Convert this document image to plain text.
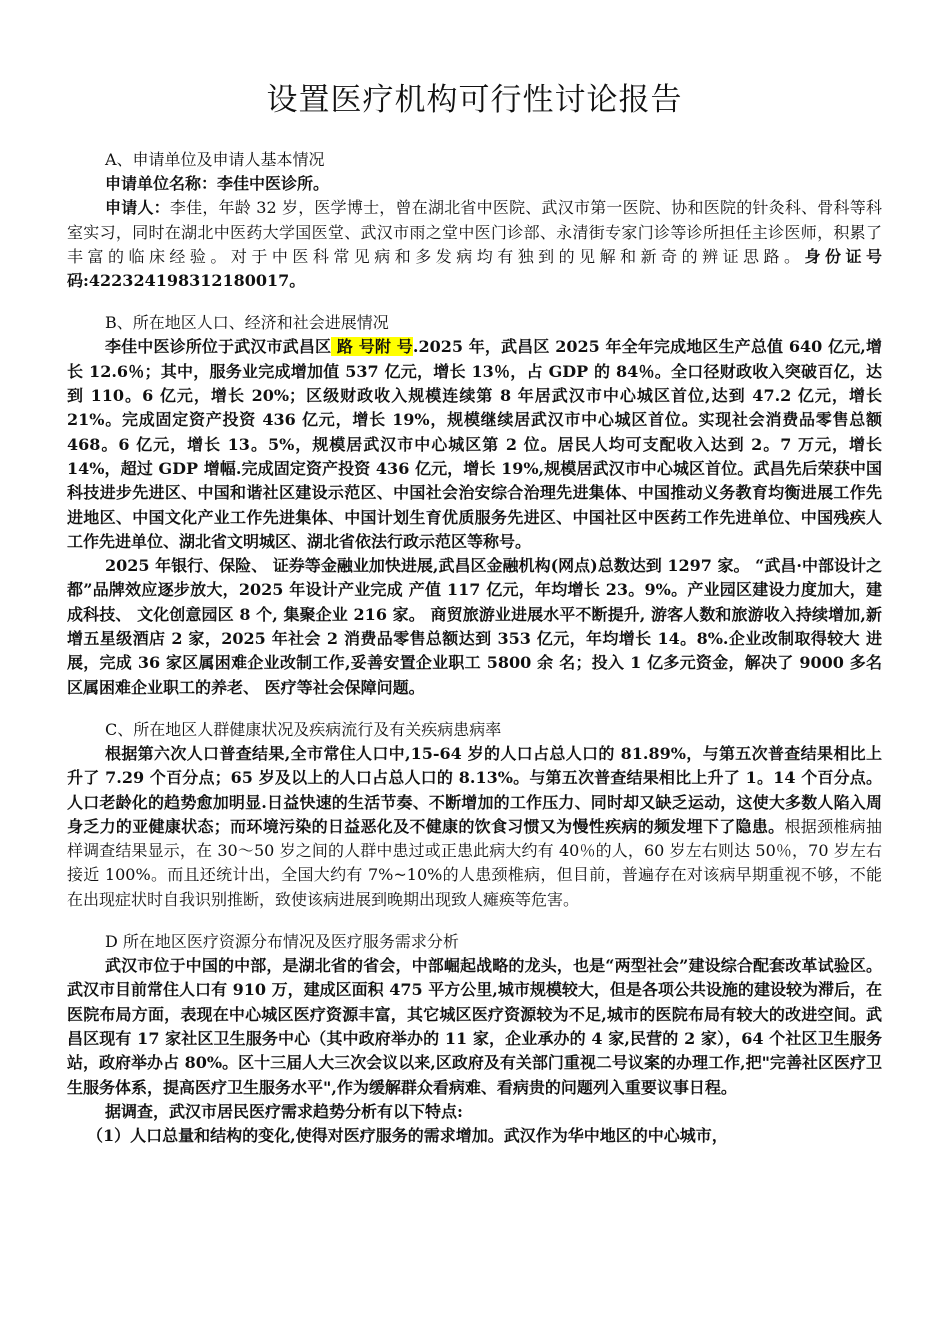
设置医疗机构可行性讨论报告
A、申请单位及申请人基本情况

申请单位名称：李佳中医诊所。

申请人：李佳，年龄 32 岁，医学博士，曾在湖北省中医院、武汉市第一医院、协和医院的针灸科、骨科等科室实习，同时在湖北中医药大学国医堂、武汉市雨之堂中医门诊部、永清街专家门诊等诊所担任主诊医师，积累了丰富的临床经验。对于中医科常见病和多发病均有独到的见解和新奇的辨证思路。身份证号码:422324198312180017。

B、所在地区人口、经济和社会进展情况

李佳中医诊所位于武汉市武昌区 路 号附 号.2025 年，武昌区 2025 年全年完成地区生产总值 640 亿元,增长 12.6％；其中，服务业完成增加值 537 亿元，增长 13％，占 GDP 的 84％。全口径财政收入突破百亿，达到 110。6 亿元，增长 20%；区级财政收入规模连续第 8 年居武汉市中心城区首位,达到 47.2 亿元，增长 21%。完成固定资产投资 436 亿元，增长 19%，规模继续居武汉市中心城区首位。实现社会消费品零售总额 468。6 亿元，增长 13。5%，规模居武汉市中心城区第 2 位。居民人均可支配收入达到 2。7 万元，增长 14%，超过 GDP 增幅.完成固定资产投资 436 亿元，增长 19%,规模居武汉市中心城区首位。武昌先后荣获中国科技进步先进区、中国和谐社区建设示范区、中国社会治安综合治理先进集体、中国推动义务教育均衡进展工作先进地区、中国文化产业工作先进集体、中国计划生育优质服务先进区、中国社区中医药工作先进单位、中国残疾人工作先进单位、湖北省文明城区、湖北省依法行政示范区等称号。

2025 年银行、保险、 证券等金融业加快进展,武昌区金融机构(网点)总数达到 1297 家。 “武昌·中部设计之都”品牌效应逐步放大，2025 年设计产业完成 产值 117 亿元，年均增长 23。9%。产业园区建设力度加大，建成科技、 文化创意园区 8 个, 集聚企业 216 家。 商贸旅游业进展水平不断提升, 游客人数和旅游收入持续增加,新增五星级酒店 2 家，2025 年社会 2 消费品零售总额达到 353 亿元，年均增长 14。8%.企业改制取得较大 进展，完成 36 家区属困难企业改制工作,妥善安置企业职工 5800 余 名；投入 1 亿多元资金，解决了 9000 多名区属困难企业职工的养老、 医疗等社会保障问题。

C、所在地区人群健康状况及疾病流行及有关疾病患病率

根据第六次人口普查结果,全市常住人口中,15-64 岁的人口占总人口的 81.89%，与第五次普查结果相比上升了 7.29 个百分点；65 岁及以上的人口占总人口的 8.13%。与第五次普查结果相比上升了 1。14 个百分点。人口老龄化的趋势愈加明显.日益快速的生活节奏、不断增加的工作压力、同时却又缺乏运动，这使大多数人陷入周身乏力的亚健康状态；而环境污染的日益恶化及不健康的饮食习惯又为慢性疾病的频发埋下了隐患。根据颈椎病抽样调查结果显示，在 30～50 岁之间的人群中患过或正患此病大约有 40％的人，60 岁左右则达 50％，70 岁左右接近 100%。而且还统计出，全国大约有 7%~10%的人患颈椎病，但目前，普遍存在对该病早期重视不够，不能在出现症状时自我识别推断，致使该病进展到晚期出现致人瘫痪等危害。

D 所在地区医疗资源分布情况及医疗服务需求分析

武汉市位于中国的中部，是湖北省的省会，中部崛起战略的龙头，也是“两型社会”建设综合配套改革试验区。武汉市目前常住人口有 910 万，建成区面积 475 平方公里,城市规模较大，但是各项公共设施的建设较为滞后，在医院布局方面，表现在中心城区医疗资源丰富，其它城区医疗资源较为不足,城市的医院布局有较大的改进空间。武昌区现有 17 家社区卫生服务中心（其中政府举办的 11 家，企业承办的 4 家,民营的 2 家），64 个社区卫生服务站，政府举办占 80%。区十三届人大三次会议以来,区政府及有关部门重视二号议案的办理工作,把"完善社区医疗卫生服务体系，提高医疗卫生服务水平",作为缓解群众看病难、看病贵的问题列入重要议事日程。

据调查，武汉市居民医疗需求趋势分析有以下特点:

（1）人口总量和结构的变化,使得对医疗服务的需求增加。武汉作为华中地区的中心城市，
